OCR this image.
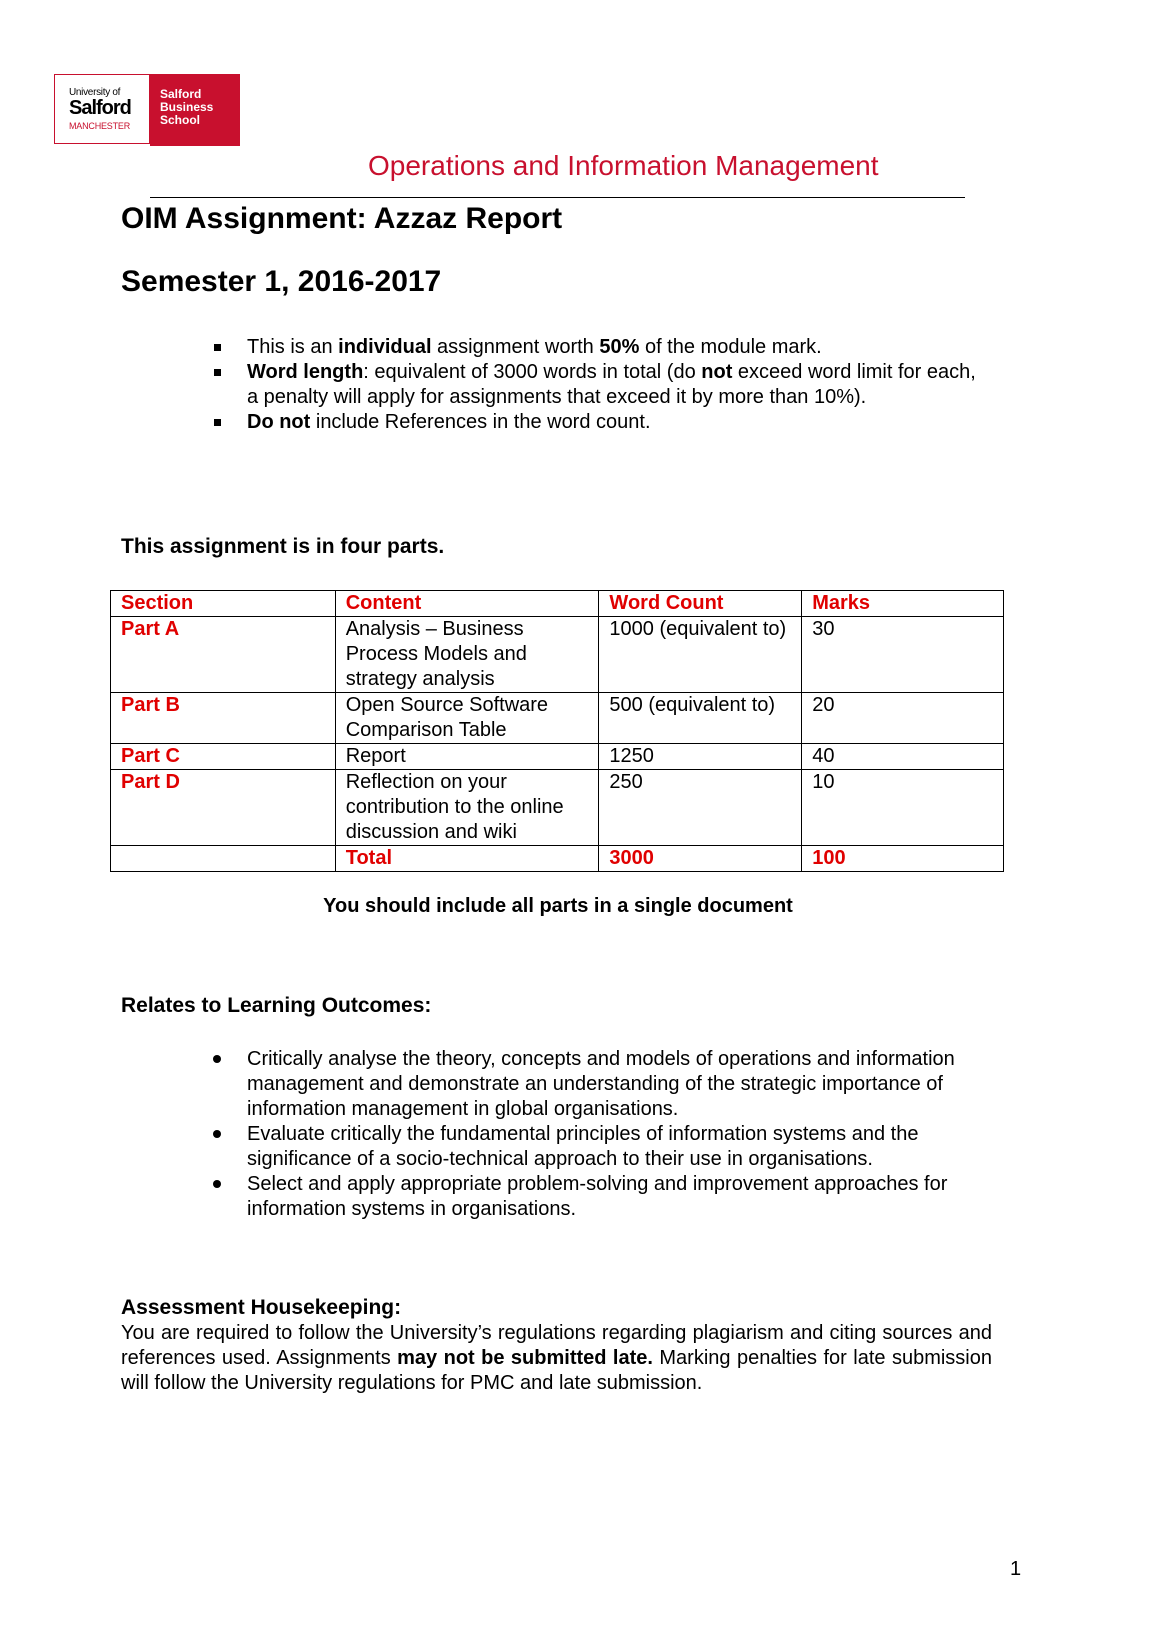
University of
Salford
MANCHESTER
Salford
Business
School
Operations and Information Management
OIM Assignment: Azzaz Report
Semester 1, 2016-2017
This is an individual assignment worth 50% of the module mark.
Word length: equivalent of 3000 words in total (do not exceed word limit for each, a penalty will apply for assignments that exceed it by more than 10%).
Do not include References in the word count.
This assignment is in four parts.
Section	Content	Word Count	Marks
Part A	Analysis – Business Process Models and strategy analysis	1000 (equivalent to)	30
Part B	Open Source Software Comparison Table	500 (equivalent to)	20
Part C	Report	1250	40
Part D	Reflection on your contribution to the online discussion and wiki	250	10
	Total	3000	100
You should include all parts in a single document
Relates to Learning Outcomes:
Critically analyse the theory, concepts and models of operations and information management and demonstrate an understanding of the strategic importance of information management in global organisations.
Evaluate critically the fundamental principles of information systems and the significance of a socio-technical approach to their use in organisations.
Select and apply appropriate problem-solving and improvement approaches for information systems in organisations.
Assessment Housekeeping:
You are required to follow the University’s regulations regarding plagiarism and citing sources and references used. Assignments may not be submitted late. Marking penalties for late submission will follow the University regulations for PMC and late submission.
1
